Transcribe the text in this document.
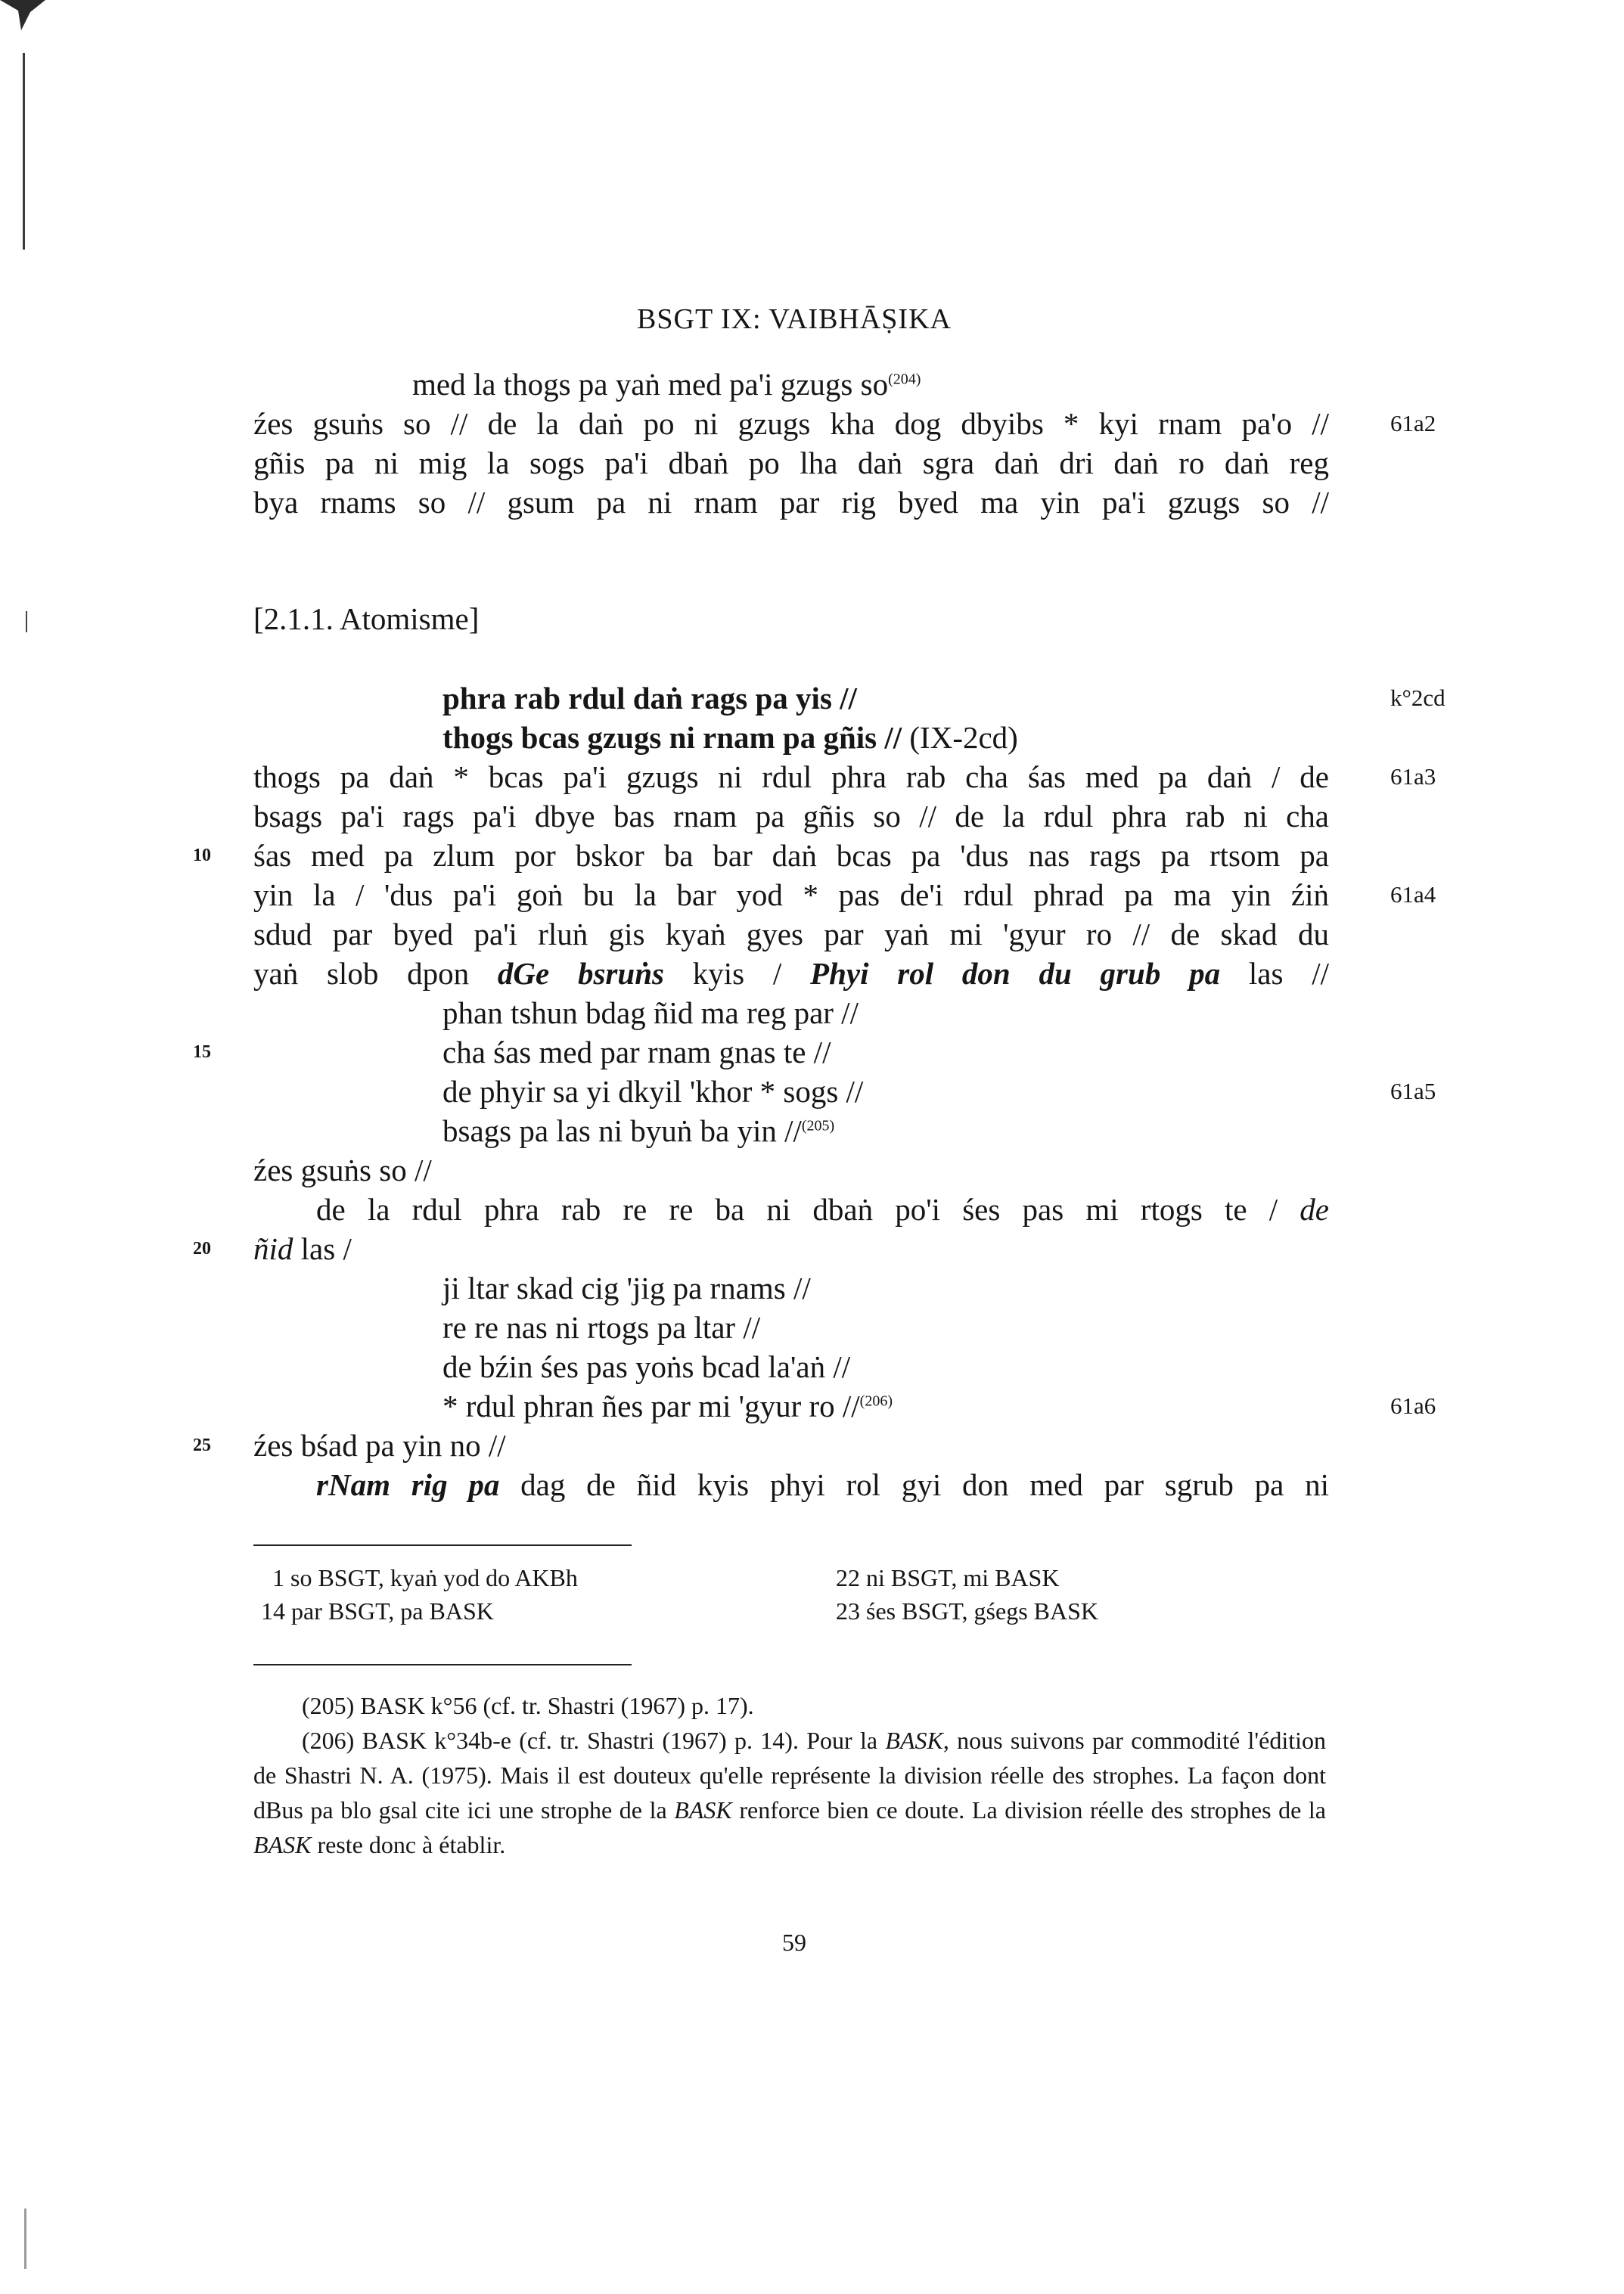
BSGT IX: VAIBHĀṢIKA
med la thogs pa yaṅ med pa'i gzugs $so^{(204)}$
źes gsuṅs so // de la daṅ po ni gzugs kha dog dbyibs * kyi rnam pa'o //
gñis pa ni mig la sogs pa'i dbaṅ po lha daṅ sgra daṅ dri daṅ ro daṅ reg
bya rnams so // gsum pa ni rnam par rig byed ma yin pa'i gzugs so //
[2.1.1. Atomisme]
phra rab rdul daṅ rags pa yis //
thogs bcas gzugs ni rnam pa gñis // (IX-2cd)
thogs pa daṅ * bcas pa'i gzugs ni rdul phra rab cha śas med pa daṅ / de
bsags pa'i rags pa'i dbye bas rnam pa gñis so // de la rdul phra rab ni cha
śas med pa zlum por bskor ba bar daṅ bcas pa 'dus nas rags pa rtsom pa
yin la / 'dus pa'i goṅ bu la bar yod * pas de'i rdul phrad pa ma yin źiṅ
sdud par byed pa'i rluṅ gis kyaṅ gyes par yaṅ mi 'gyur ro // de skad du
yaṅ slob dpon dGe bsruṅs kyis / Phyi rol don du grub pa las //
phan tshun bdag ñid ma reg par //
cha śas med par rnam gnas te //
de phyir sa yi dkyil 'khor * sogs //
bsags pa las ni byuṅ ba yin //$^{(205)}$
źes gsuṅs so //
de la rdul phra rab re re ba ni dbaṅ po'i śes pas mi rtogs te / de
ñid las /
ji ltar skad cig 'jig pa rnams //
re re nas ni rtogs pa ltar //
de bźin śes pas yoṅs bcad la'aṅ //
* rdul phran ñes par mi 'gyur ro //$^{(206)}$
źes bśad pa yin no //
rNam rig pa dag de ñid kyis phyi rol gyi don med par sgrub pa ni
61a2
k°2cd
61a3
61a4
61a5
61a6
10
15
20
25
1 so BSGT, kyaṅ yod do AKBh
14 par BSGT, pa BASK
22 ni BSGT, mi BASK
23 śes BSGT, gśegs BASK
(205) BASK k°56 (cf. tr. Shastri (1967) p. 17).
(206) BASK k°34b-e (cf. tr. Shastri (1967) p. 14). Pour la BASK, nous suivons par commodité l'édition de Shastri N. A. (1975). Mais il est douteux qu'elle représente la division réelle des strophes. La façon dont dBus pa blo gsal cite ici une strophe de la BASK renforce bien ce doute. La division réelle des strophes de la BASK reste donc à établir.
59
